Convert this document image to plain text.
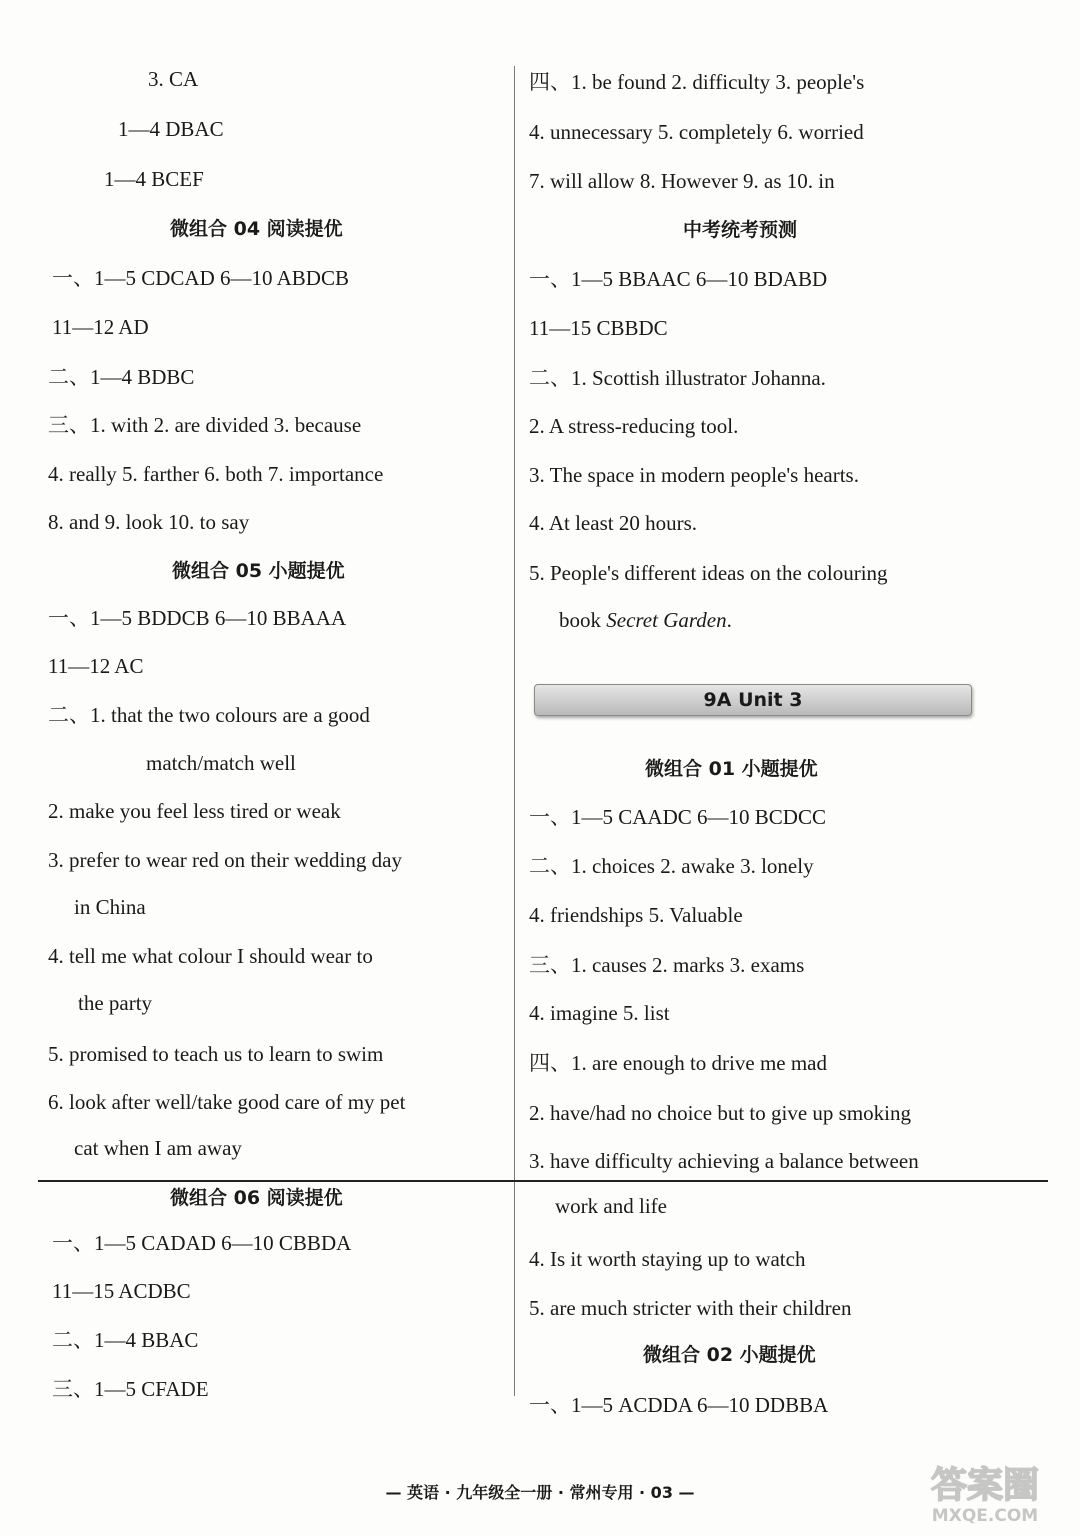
3. CA
1—4 DBAC
1—4 BCEF
微组合 04 阅读提优
一、1—5 CDCAD 6—10 ABDCB
11—12 AD
二、1—4 BDBC
三、1. with 2. are divided 3. because
4. really 5. farther 6. both 7. importance
8. and 9. look 10. to say
微组合 05 小题提优
一、1—5 BDDCB 6—10 BBAAA
11—12 AC
二、1. that the two colours are a good
match/match well
2. make you feel less tired or weak
3. prefer to wear red on their wedding day
in China
4. tell me what colour I should wear to
the party
5. promised to teach us to learn to swim
6. look after well/take good care of my pet
cat when I am away
微组合 06 阅读提优
一、1—5 CADAD 6—10 CBBDA
11—15 ACDBC
二、1—4 BBAC
三、1—5 CFADE
四、1. be found 2. difficulty 3. people's
4. unnecessary 5. completely 6. worried
7. will allow 8. However 9. as 10. in
中考统考预测
一、1—5 BBAAC 6—10 BDABD
11—15 CBBDC
二、1. Scottish illustrator Johanna.
2. A stress-reducing tool.
3. The space in modern people's hearts.
4. At least 20 hours.
5. People's different ideas on the colouring
book Secret Garden.
9A Unit 3
微组合 01 小题提优
一、1—5 CAADC 6—10 BCDCC
二、1. choices 2. awake 3. lonely
4. friendships 5. Valuable
三、1. causes 2. marks 3. exams
4. imagine 5. list
四、1. are enough to drive me mad
2. have/had no choice but to give up smoking
3. have difficulty achieving a balance between
work and life
4. Is it worth staying up to watch
5. are much stricter with their children
微组合 02 小题提优
一、1—5 ACDDA 6—10 DDBBA
— 英语 · 九年级全一册 · 常州专用 · 03 —	答案圈
MXQE.COM
